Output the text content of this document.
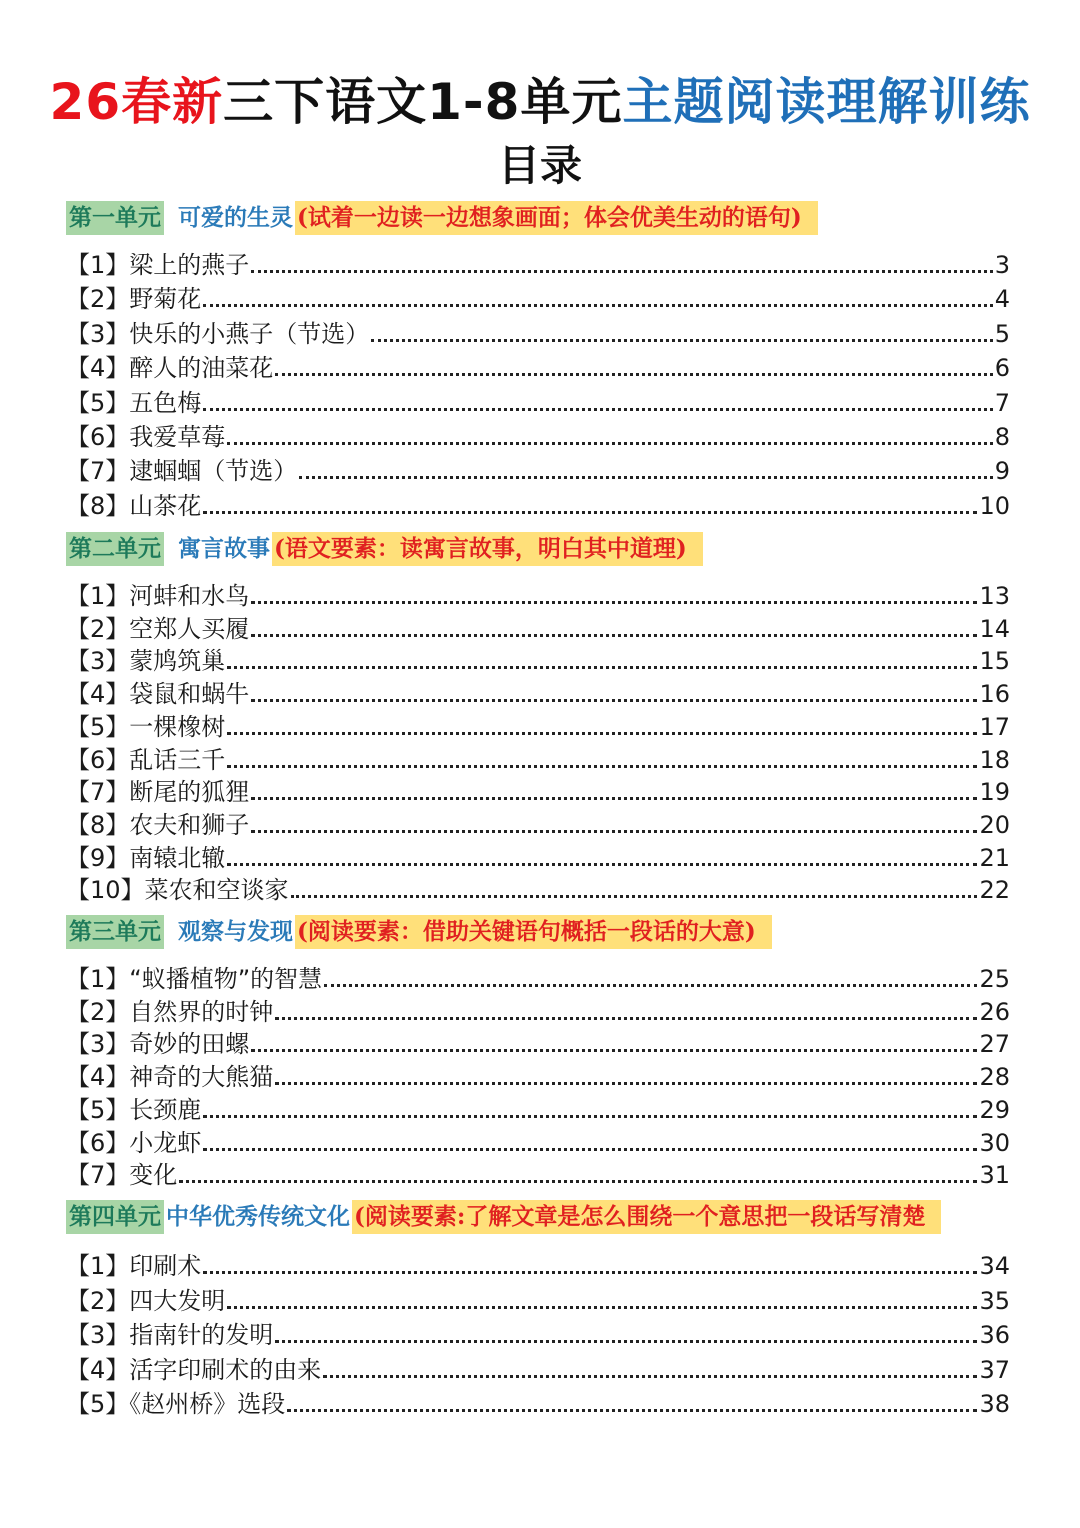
26春新三下语文1-8单元主题阅读理解训练
目录
第一单元 可爱的生灵 (试着一边读一边想象画面；体会优美生动的语句)
【1】梁上的燕子	3
【2】野菊花	4
【3】快乐的小燕子（节选）	5
【4】醉人的油菜花	6
【5】五色梅	7
【6】我爱草莓	8
【7】逮蝈蝈（节选）	9
【8】山茶花	10
第二单元 寓言故事 (语文要素：读寓言故事，明白其中道理)
【1】河蚌和水鸟	13
【2】空郑人买履	14
【3】蒙鸠筑巢	15
【4】袋鼠和蜗牛	16
【5】一棵橡树	17
【6】乱话三千	18
【7】断尾的狐狸	19
【8】农夫和狮子	20
【9】南辕北辙	21
【10】菜农和空谈家	22
第三单元 观察与发现 (阅读要素：借助关键语句概括一段话的大意)
【1】“蚁播植物”的智慧	25
【2】自然界的时钟	26
【3】奇妙的田螺	27
【4】神奇的大熊猫	28
【5】长颈鹿	29
【6】小龙虾	30
【7】变化	31
第四单元 中华优秀传统文化 (阅读要素:了解文章是怎么围绕一个意思把一段话写清楚
【1】印刷术	34
【2】四大发明	35
【3】指南针的发明	36
【4】活字印刷术的由来	37
【5】《赵州桥》选段	38
